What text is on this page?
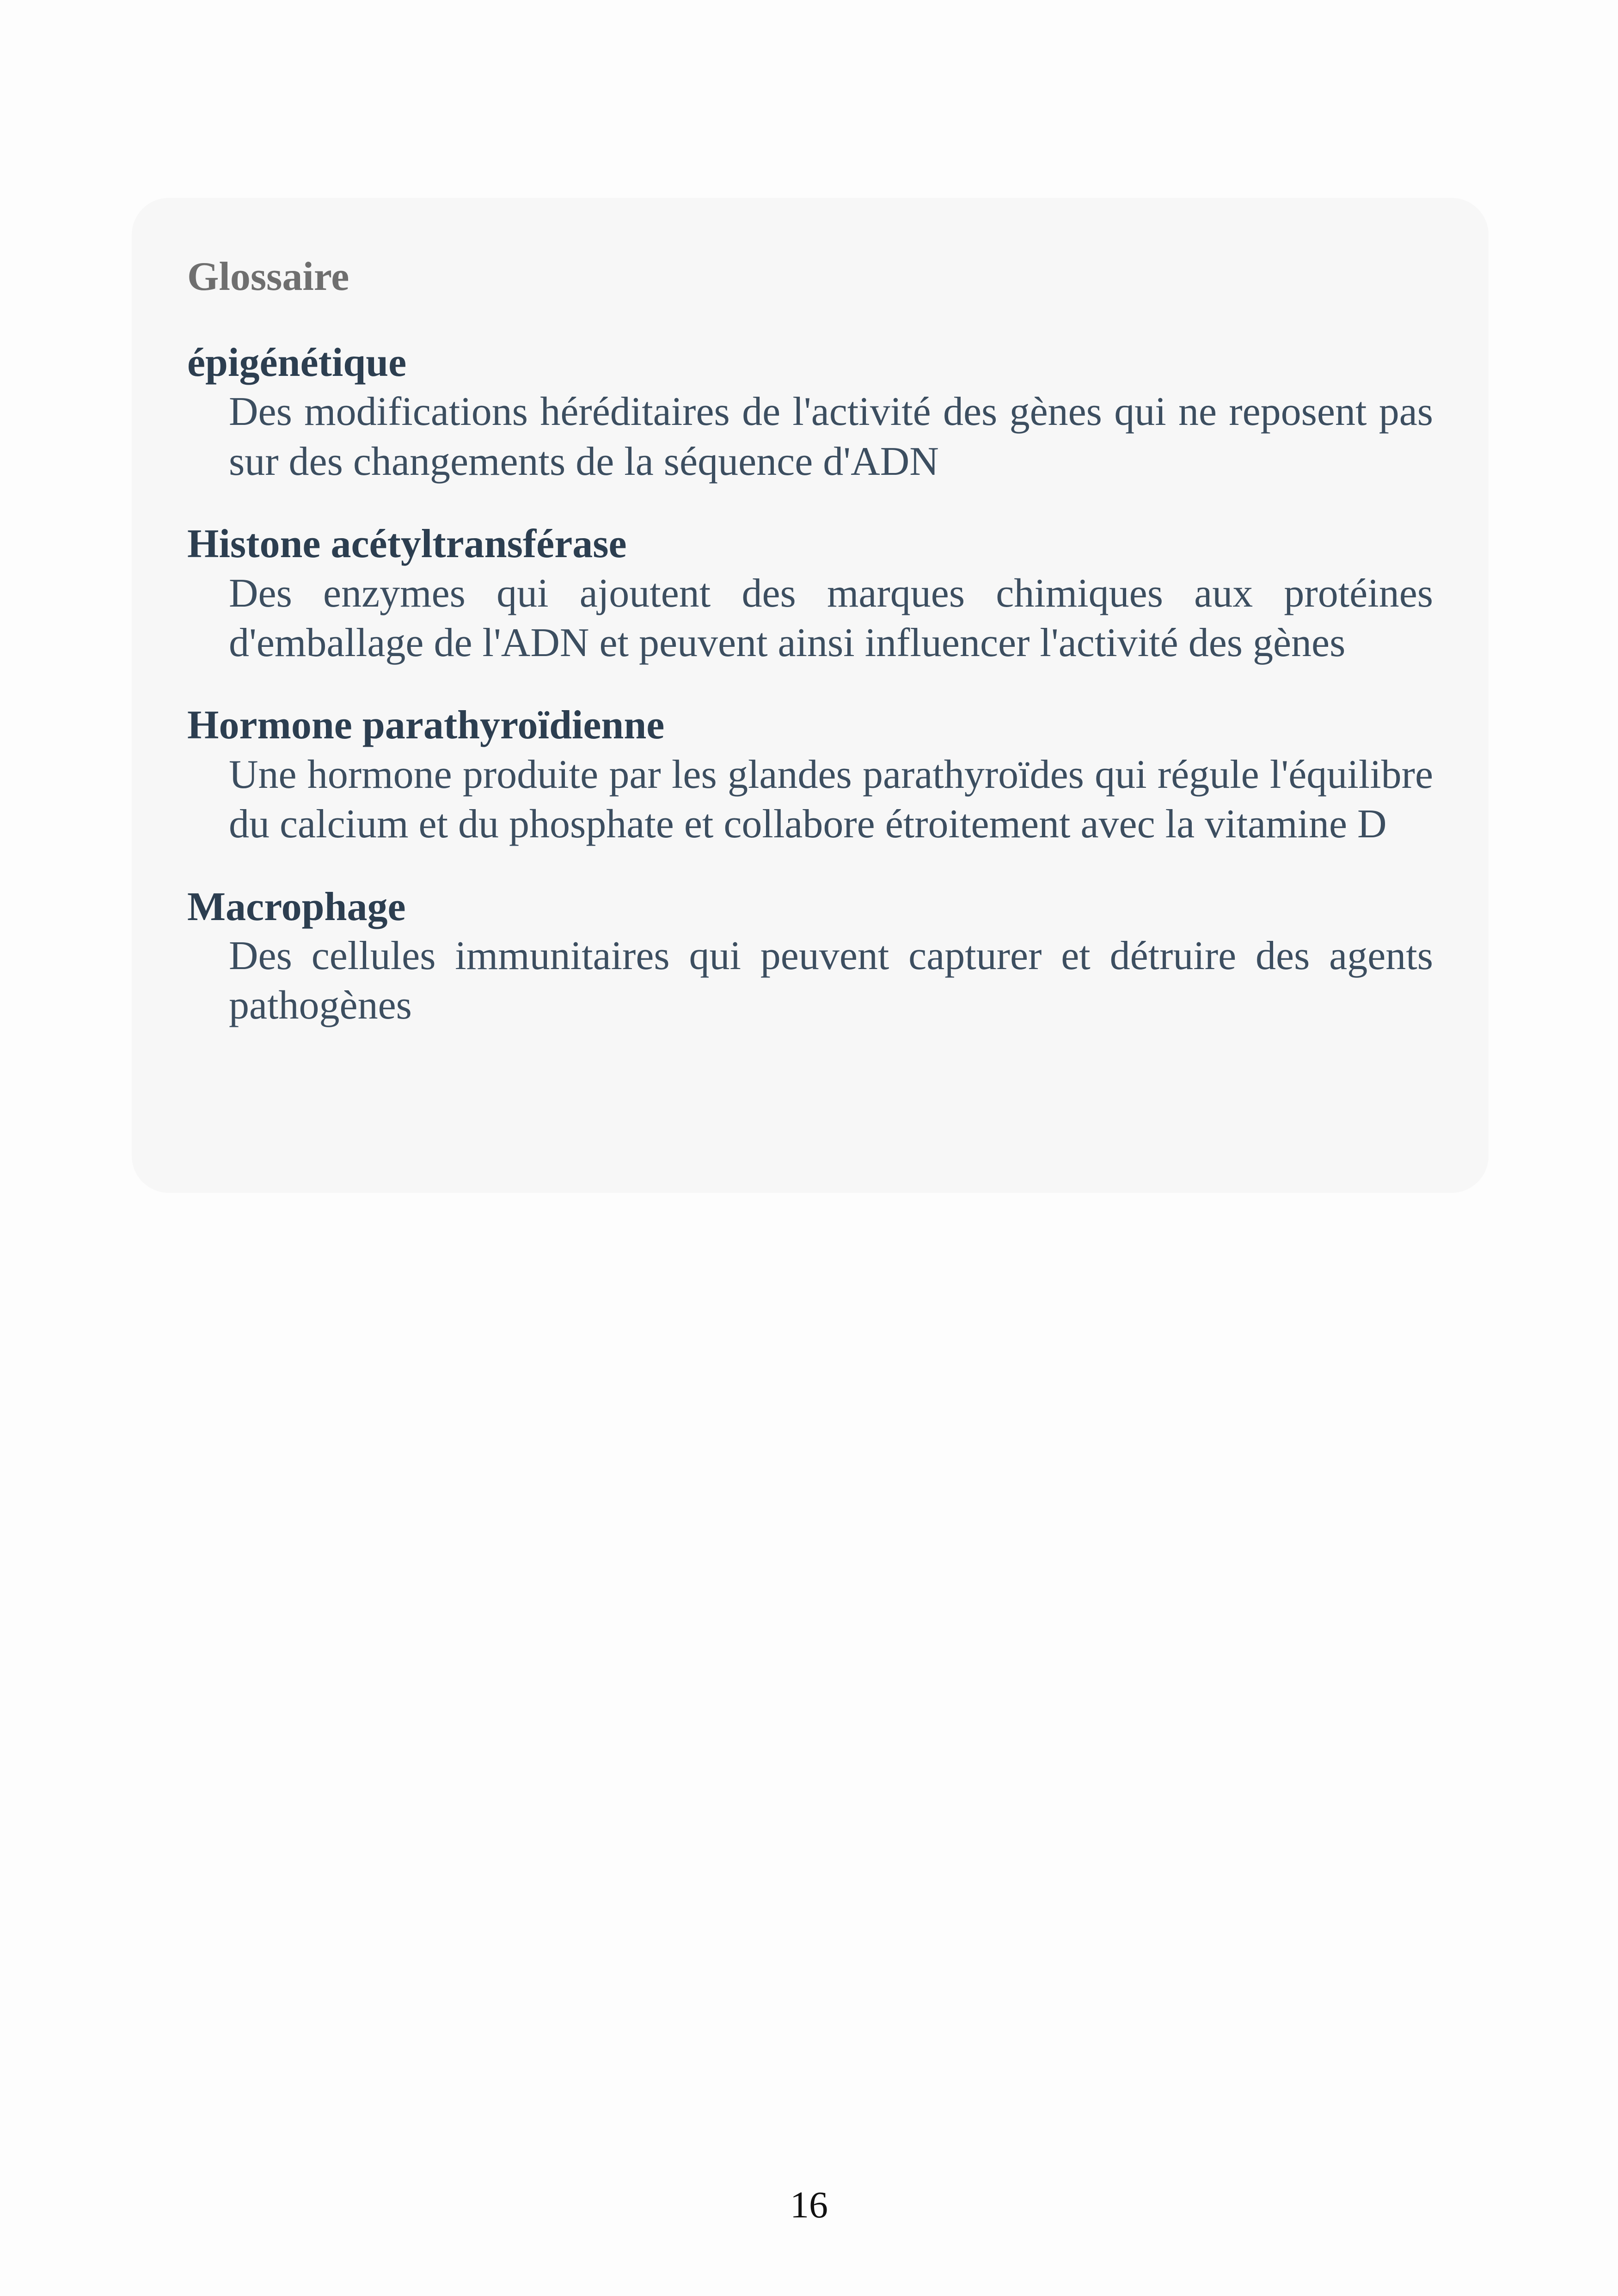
Glossaire
épigénétique
Des modifications héréditaires de l'activité des gènes qui ne reposent pas sur des changements de la séquence d'ADN
Histone acétyltransférase
Des enzymes qui ajoutent des marques chimiques aux protéines d'emballage de l'ADN et peuvent ainsi influencer l'activité des gènes
Hormone parathyroïdienne
Une hormone produite par les glandes parathyroïdes qui régule l'équilibre du calcium et du phosphate et collabore étroitement avec la vitamine D
Macrophage
Des cellules immunitaires qui peuvent capturer et détruire des agents pathogènes
16
